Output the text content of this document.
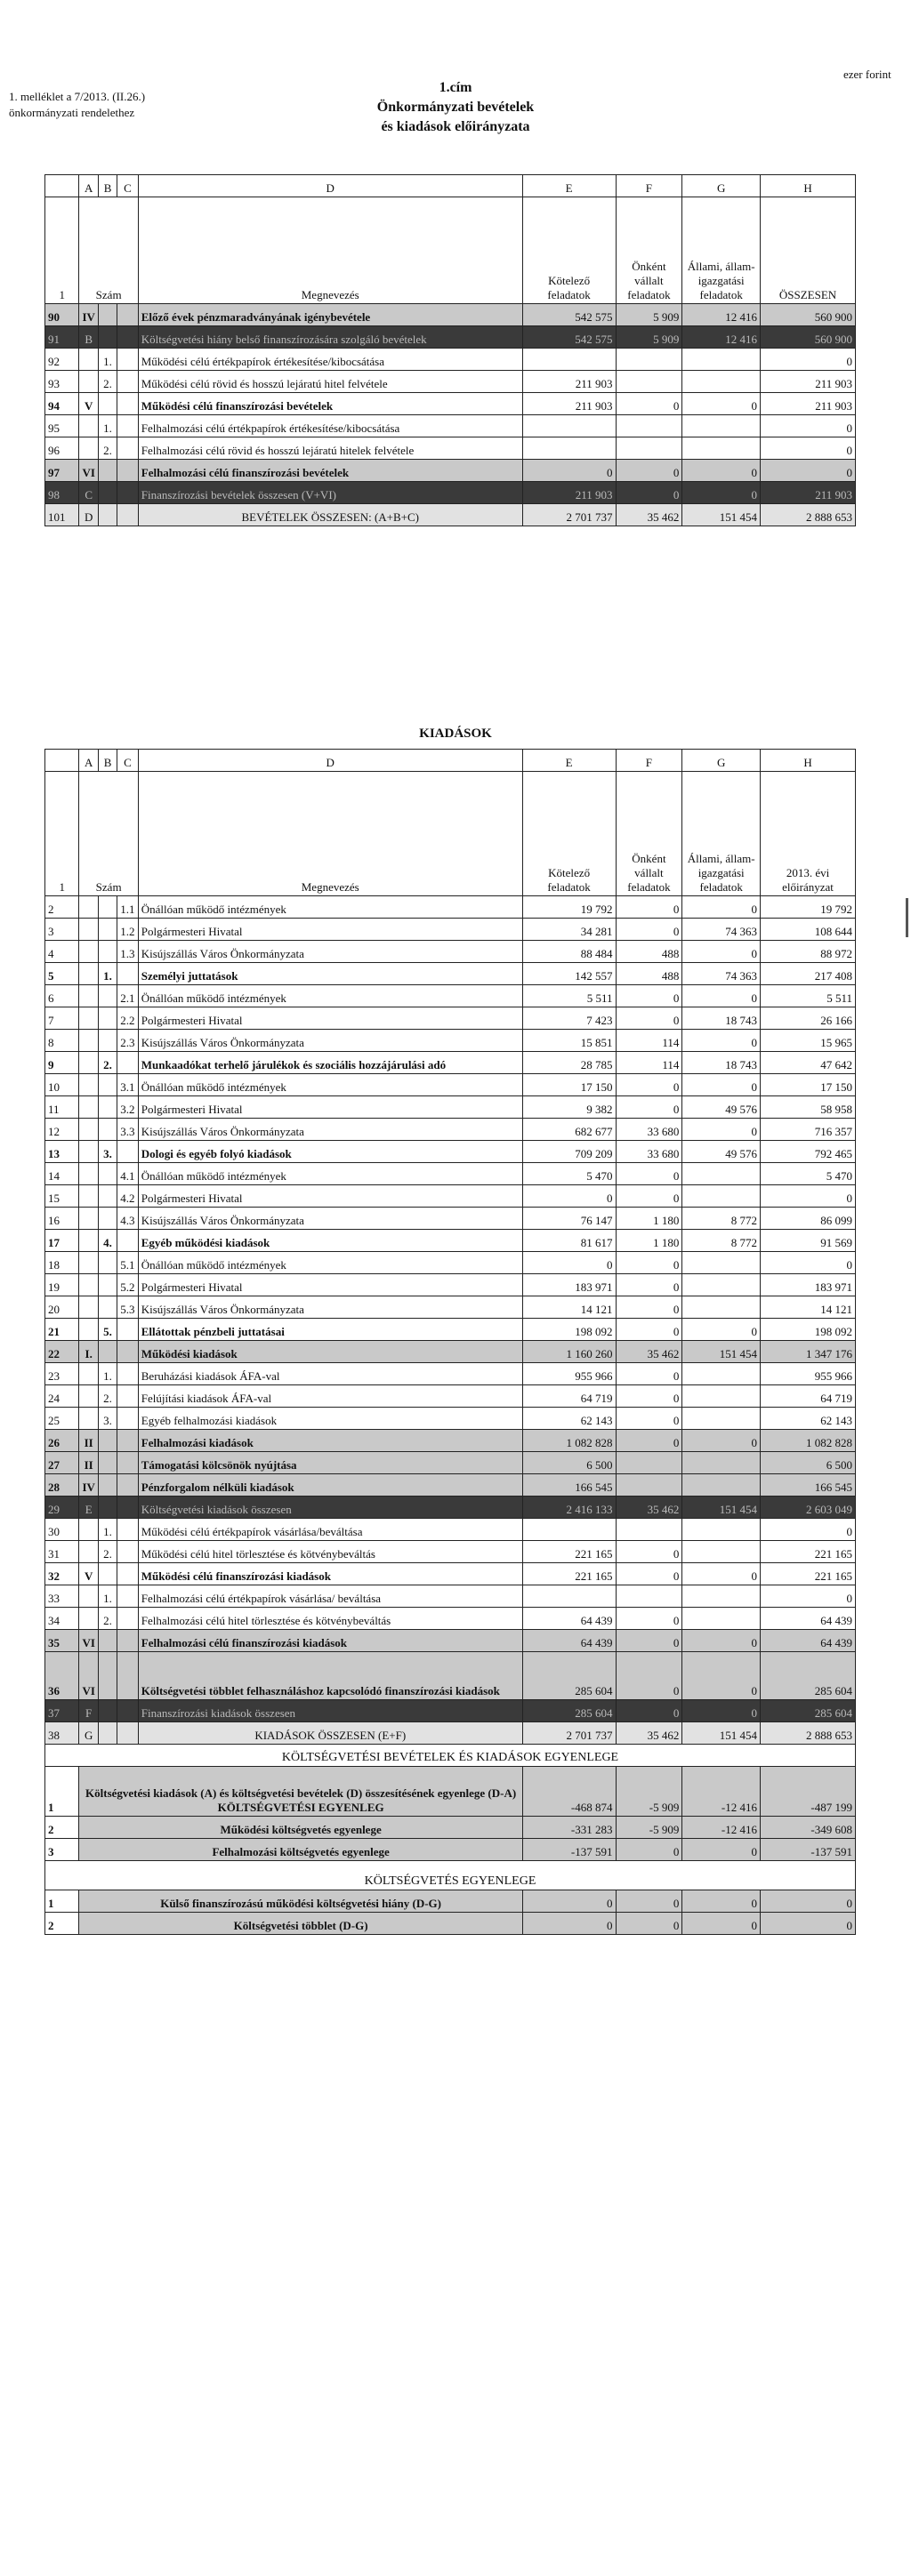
1. melléklet a 7/2013. (II.26.)
önkormányzati rendelethez
ezer forint
1.cím
Önkormányzati bevételek
és kiadások előirányzata
	A	B	C	D	E	F	G	H
1	Szám			Megnevezés	Kötelező feladatok	Önként vállalt feladatok	Állami, állam-igazgatási feladatok	ÖSSZESEN
90	IV			Előző évek pénzmaradványának igénybevétele	542 575	5 909	12 416	560 900
91	B			Költségvetési hiány belső finanszírozására szolgáló bevételek	542 575	5 909	12 416	560 900
92		1.		Működési célú értékpapírok értékesítése/kibocsátása				0
93		2.		Működési célú rövid és hosszú lejáratú hitel felvétele	211 903			211 903
94	V			Működési célú finanszírozási bevételek	211 903	0	0	211 903
95		1.		Felhalmozási célú értékpapírok értékesítése/kibocsátása				0
96		2.		Felhalmozási célú rövid és hosszú lejáratú hitelek felvétele				0
97	VI			Felhalmozási célú finanszírozási bevételek	0	0	0	0
98	C			Finanszírozási bevételek összesen (V+VI)	211 903	0	0	211 903
101	D			BEVÉTELEK ÖSSZESEN: (A+B+C)	2 701 737	35 462	151 454	2 888 653
KIADÁSOK
	A	B	C	D	E	F	G	H
1	Szám			Megnevezés	Kötelező feladatok	Önként vállalt feladatok	Állami, állam-igazgatási feladatok	2013. évi előirányzat
2			1.1	Önállóan működő intézmények	19 792	0	0	19 792
3			1.2	Polgármesteri Hivatal	34 281	0	74 363	108 644
4			1.3	Kisújszállás Város Önkormányzata	88 484	488	0	88 972
5		1.		Személyi juttatások	142 557	488	74 363	217 408
6			2.1	Önállóan működő intézmények	5 511	0	0	5 511
7			2.2	Polgármesteri Hivatal	7 423	0	18 743	26 166
8			2.3	Kisújszállás Város Önkormányzata	15 851	114	0	15 965
9		2.		Munkaadókat terhelő járulékok és szociális hozzájárulási adó	28 785	114	18 743	47 642
10			3.1	Önállóan működő intézmények	17 150	0	0	17 150
11			3.2	Polgármesteri Hivatal	9 382	0	49 576	58 958
12			3.3	Kisújszállás Város Önkormányzata	682 677	33 680	0	716 357
13		3.		Dologi és egyéb folyó kiadások	709 209	33 680	49 576	792 465
14			4.1	Önállóan működő intézmények	5 470	0		5 470
15			4.2	Polgármesteri Hivatal	0	0		0
16			4.3	Kisújszállás Város Önkormányzata	76 147	1 180	8 772	86 099
17		4.		Egyéb működési kiadások	81 617	1 180	8 772	91 569
18			5.1	Önállóan működő intézmények	0	0		0
19			5.2	Polgármesteri Hivatal	183 971	0		183 971
20			5.3	Kisújszállás Város Önkormányzata	14 121	0		14 121
21		5.		Ellátottak pénzbeli juttatásai	198 092	0	0	198 092
22	I.			Működési kiadások	1 160 260	35 462	151 454	1 347 176
23		1.		Beruházási kiadások ÁFA-val	955 966	0		955 966
24		2.		Felújítási kiadások ÁFA-val	64 719	0		64 719
25		3.		Egyéb felhalmozási kiadások	62 143	0		62 143
26	II			Felhalmozási kiadások	1 082 828	0	0	1 082 828
27	II			Támogatási kölcsönök nyújtása	6 500			6 500
28	IV			Pénzforgalom nélküli kiadások	166 545			166 545
29	E			Költségvetési kiadások összesen	2 416 133	35 462	151 454	2 603 049
30		1.		Működési célú értékpapírok vásárlása/beváltása				0
31		2.		Működési célú hitel törlesztése és kötvénybeváltás	221 165	0		221 165
32	V			Működési célú finanszírozási kiadások	221 165	0	0	221 165
33		1.		Felhalmozási célú értékpapírok vásárlása/ beváltása				0
34		2.		Felhalmozási célú hitel törlesztése és kötvénybeváltás	64 439	0		64 439
35	VI			Felhalmozási célú finanszírozási kiadások	64 439	0	0	64 439
36	VI			Költségvetési többlet felhasználáshoz kapcsolódó finanszírozási kiadások	285 604	0	0	285 604
37	F			Finanszírozási kiadások összesen	285 604	0	0	285 604
38	G			KIADÁSOK ÖSSZESEN (E+F)	2 701 737	35 462	151 454	2 888 653
KÖLTSÉGVETÉSI BEVÉTELEK ÉS KIADÁSOK EGYENLEGE								
1	Költségvetési kiadások (A) és költségvetési bevételek (D) összesítésének egyenlege (D-A) KÖLTSÉGVETÉSI EGYENLEG				-468 874	-5 909	-12 416	-487 199
2	Működési költségvetés egyenlege				-331 283	-5 909	-12 416	-349 608
3	Felhalmozási költségvetés egyenlege				-137 591	0	0	-137 591
KÖLTSÉGVETÉS EGYENLEGE								
1	Külső finanszírozású működési költségvetési hiány (D-G)				0	0	0	0
2	Költségvetési többlet (D-G)				0	0	0	0
